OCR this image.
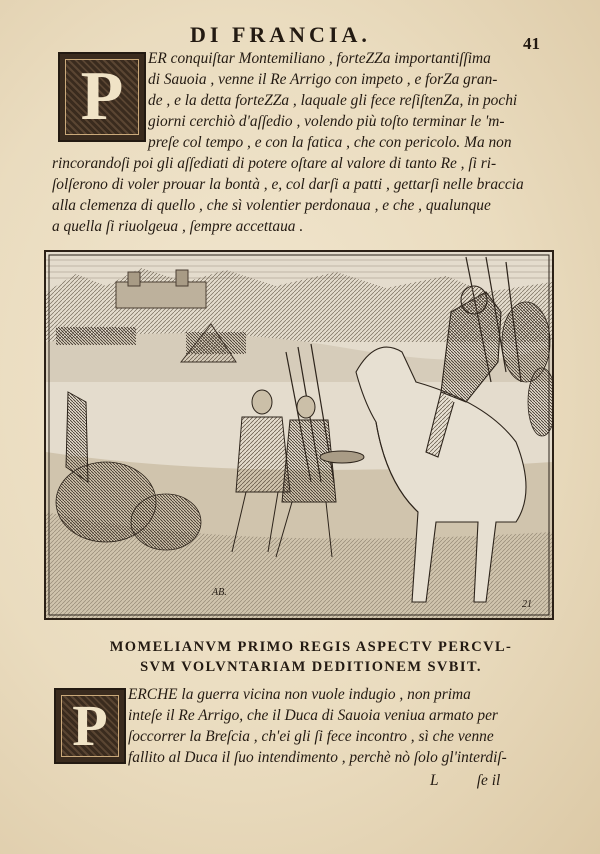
DI FRANCIA.	41
P ER conquiſtar Montemiliano , forteZZa importantiſſima
di Sauoia , venne il Re Arrigo con impeto , e forZa gran-
de , e la detta forteZZa , laquale gli fece reſiſtenZa, in pochi
giorni cerchiò d'aſſedio , volendo più toſto terminar le 'm-
preſe col tempo , e con la fatica , che con pericolo. Ma non
rincorandoſi poi gli aſſediati di potere oſtare al valore di tanto Re , ſi ri-
ſolſerono di voler prouar la bontà , e, col darſi a patti , gettarſi nelle braccia
alla clemenza di quello , che sì volentier perdonaua , e che , qualunque
a quella ſi riuolgeua , ſempre accettaua .
AB.
21
MOMELIANVM PRIMO REGIS ASPECTV PERCVL-
SVM VOLVNTARIAM DEDITIONEM SVBIT.
P ERCHE la guerra vicina non vuole indugio , non prima
inteſe il Re Arrigo, che il Duca di Sauoia veniua armato per
ſoccorrer la Breſcia , ch'ei gli ſi fece incontro , sì che venne
fallito al Duca il ſuo intendimento , perchè nò ſolo gl'interdiſ-
L          ſe il
